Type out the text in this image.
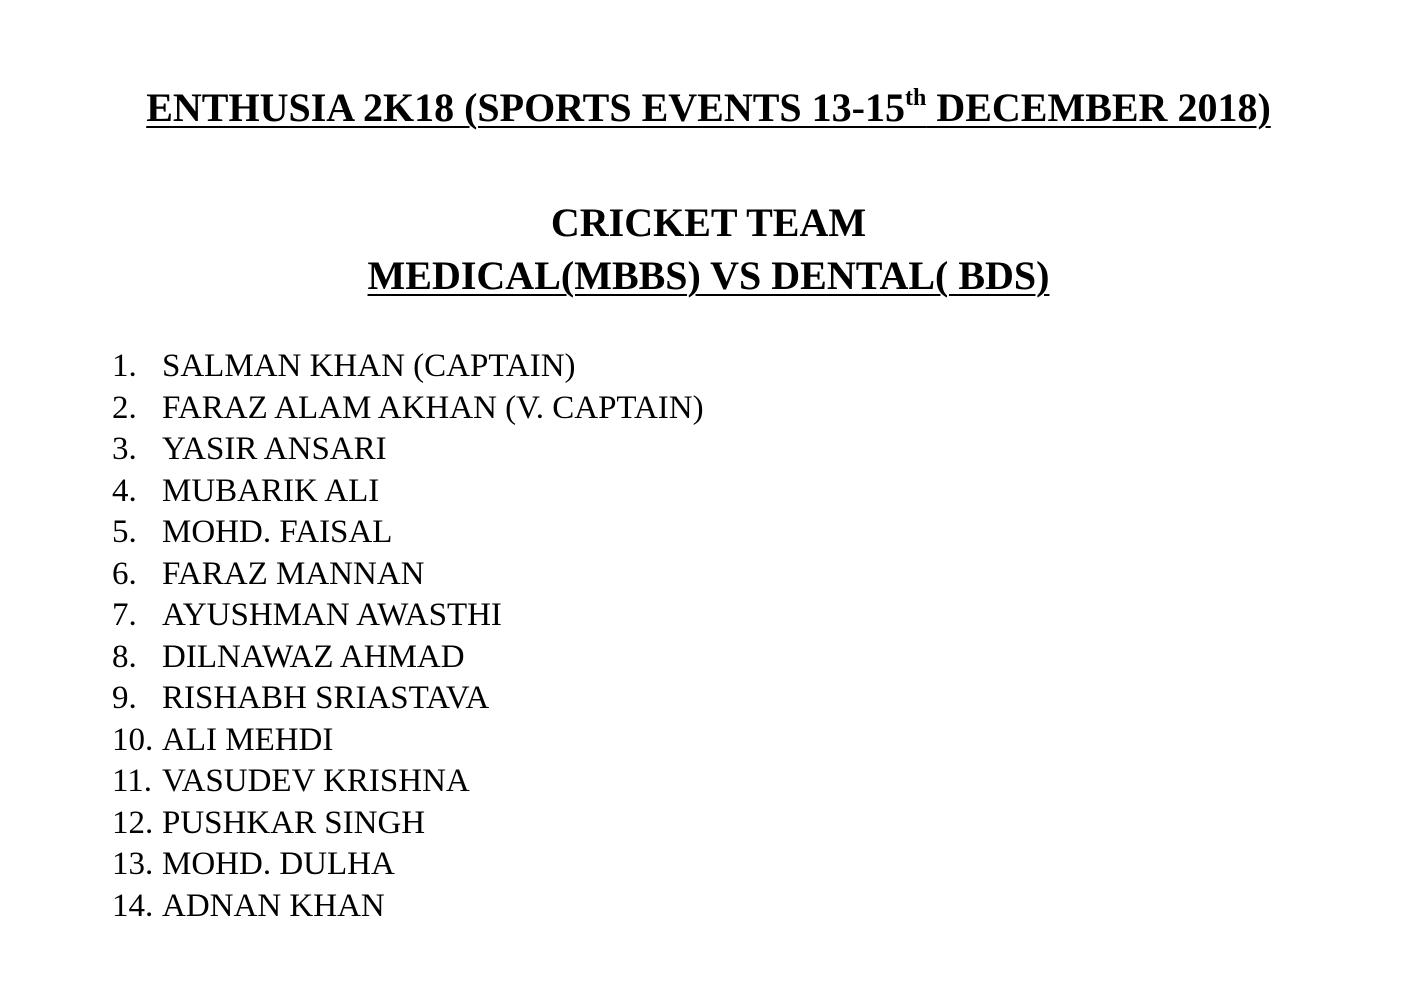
ENTHUSIA 2K18 (SPORTS EVENTS 13-15th DECEMBER 2018)
CRICKET TEAM
MEDICAL(MBBS) VS DENTAL( BDS)
1. SALMAN KHAN (CAPTAIN)
2. FARAZ ALAM AKHAN (V. CAPTAIN)
3. YASIR ANSARI
4. MUBARIK ALI
5. MOHD. FAISAL
6. FARAZ MANNAN
7. AYUSHMAN AWASTHI
8. DILNAWAZ AHMAD
9. RISHABH SRIASTAVA
10. ALI MEHDI
11. VASUDEV KRISHNA
12. PUSHKAR SINGH
13. MOHD. DULHA
14. ADNAN KHAN
